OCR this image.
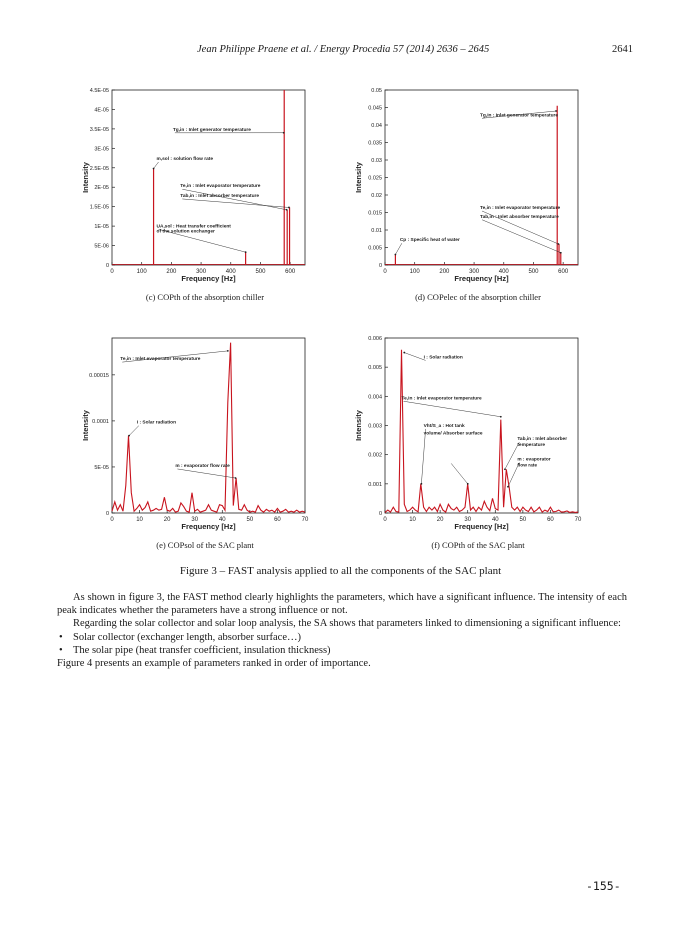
Jean Philippe Praene et al. / Energy Procedia 57 (2014) 2636 – 2645	2641
0
5E-06
1E-05
1.5E-05
2E-05
2.5E-05
3E-05
3.5E-05
4E-05
4.5E-05
0	100	200	300	400	500	600
Frequency [Hz]
Intensity
Tg,in : Inlet generator temperature
m,sol : solution flow rate
Te,in : Inlet evaporator temperature
Tab,in : Inlet absorber temperature
UA,sol : Heat transfer coefficient
of the solution exchanger
(c) COPth of the absorption chiller
0
0.005
0.01
0.015
0.02
0.025
0.03
0.035
0.04
0.045
0.05
0	100	200	300	400	500	600
Frequency [Hz]
Intensity
Tg,in : Inlet generator temperature
Te,in : Inlet evaporator temperature
Tab,in : Inlet absorber temperature
Cp : Specific heat of water
(d) COPelec of the absorption chiller
0
5E-05
0.0001
0.00015
0	10	20	30	40	50	60	70
Frequency [Hz]
Intensity
Te,in : Inlet evaporator temperature
I : Solar radiation
m : evaporator flow rate
(e) COPsol of the SAC plant
0
0.001
0.002
0.003
0.004
0.005
0.006
0	10	20	30	40	50	60	70
Frequency [Hz]
Intensity
I : Solar radiation
Te,in : Inlet evaporator temperature
Vht/S_a : Hot tank
volume/ Absorber surface
Tab,in : Inlet absorber
temperature
m : evaporator
flow rate
(f) COPth of the SAC plant
Figure 3 – FAST analysis applied to all the components of the SAC plant

As shown in figure 3, the FAST method clearly highlights the parameters, which have a significant influence. The intensity of each peak indicates whether the parameters have a strong influence or not.

Regarding the solar collector and solar loop analysis, the SA shows that parameters linked to dimensioning a significant influence:

• Solar collector (exchanger length, absorber surface…)
• The solar pipe (heat transfer coefficient, insulation thickness)

Figure 4 presents an example of parameters ranked in order of importance.

-155-
